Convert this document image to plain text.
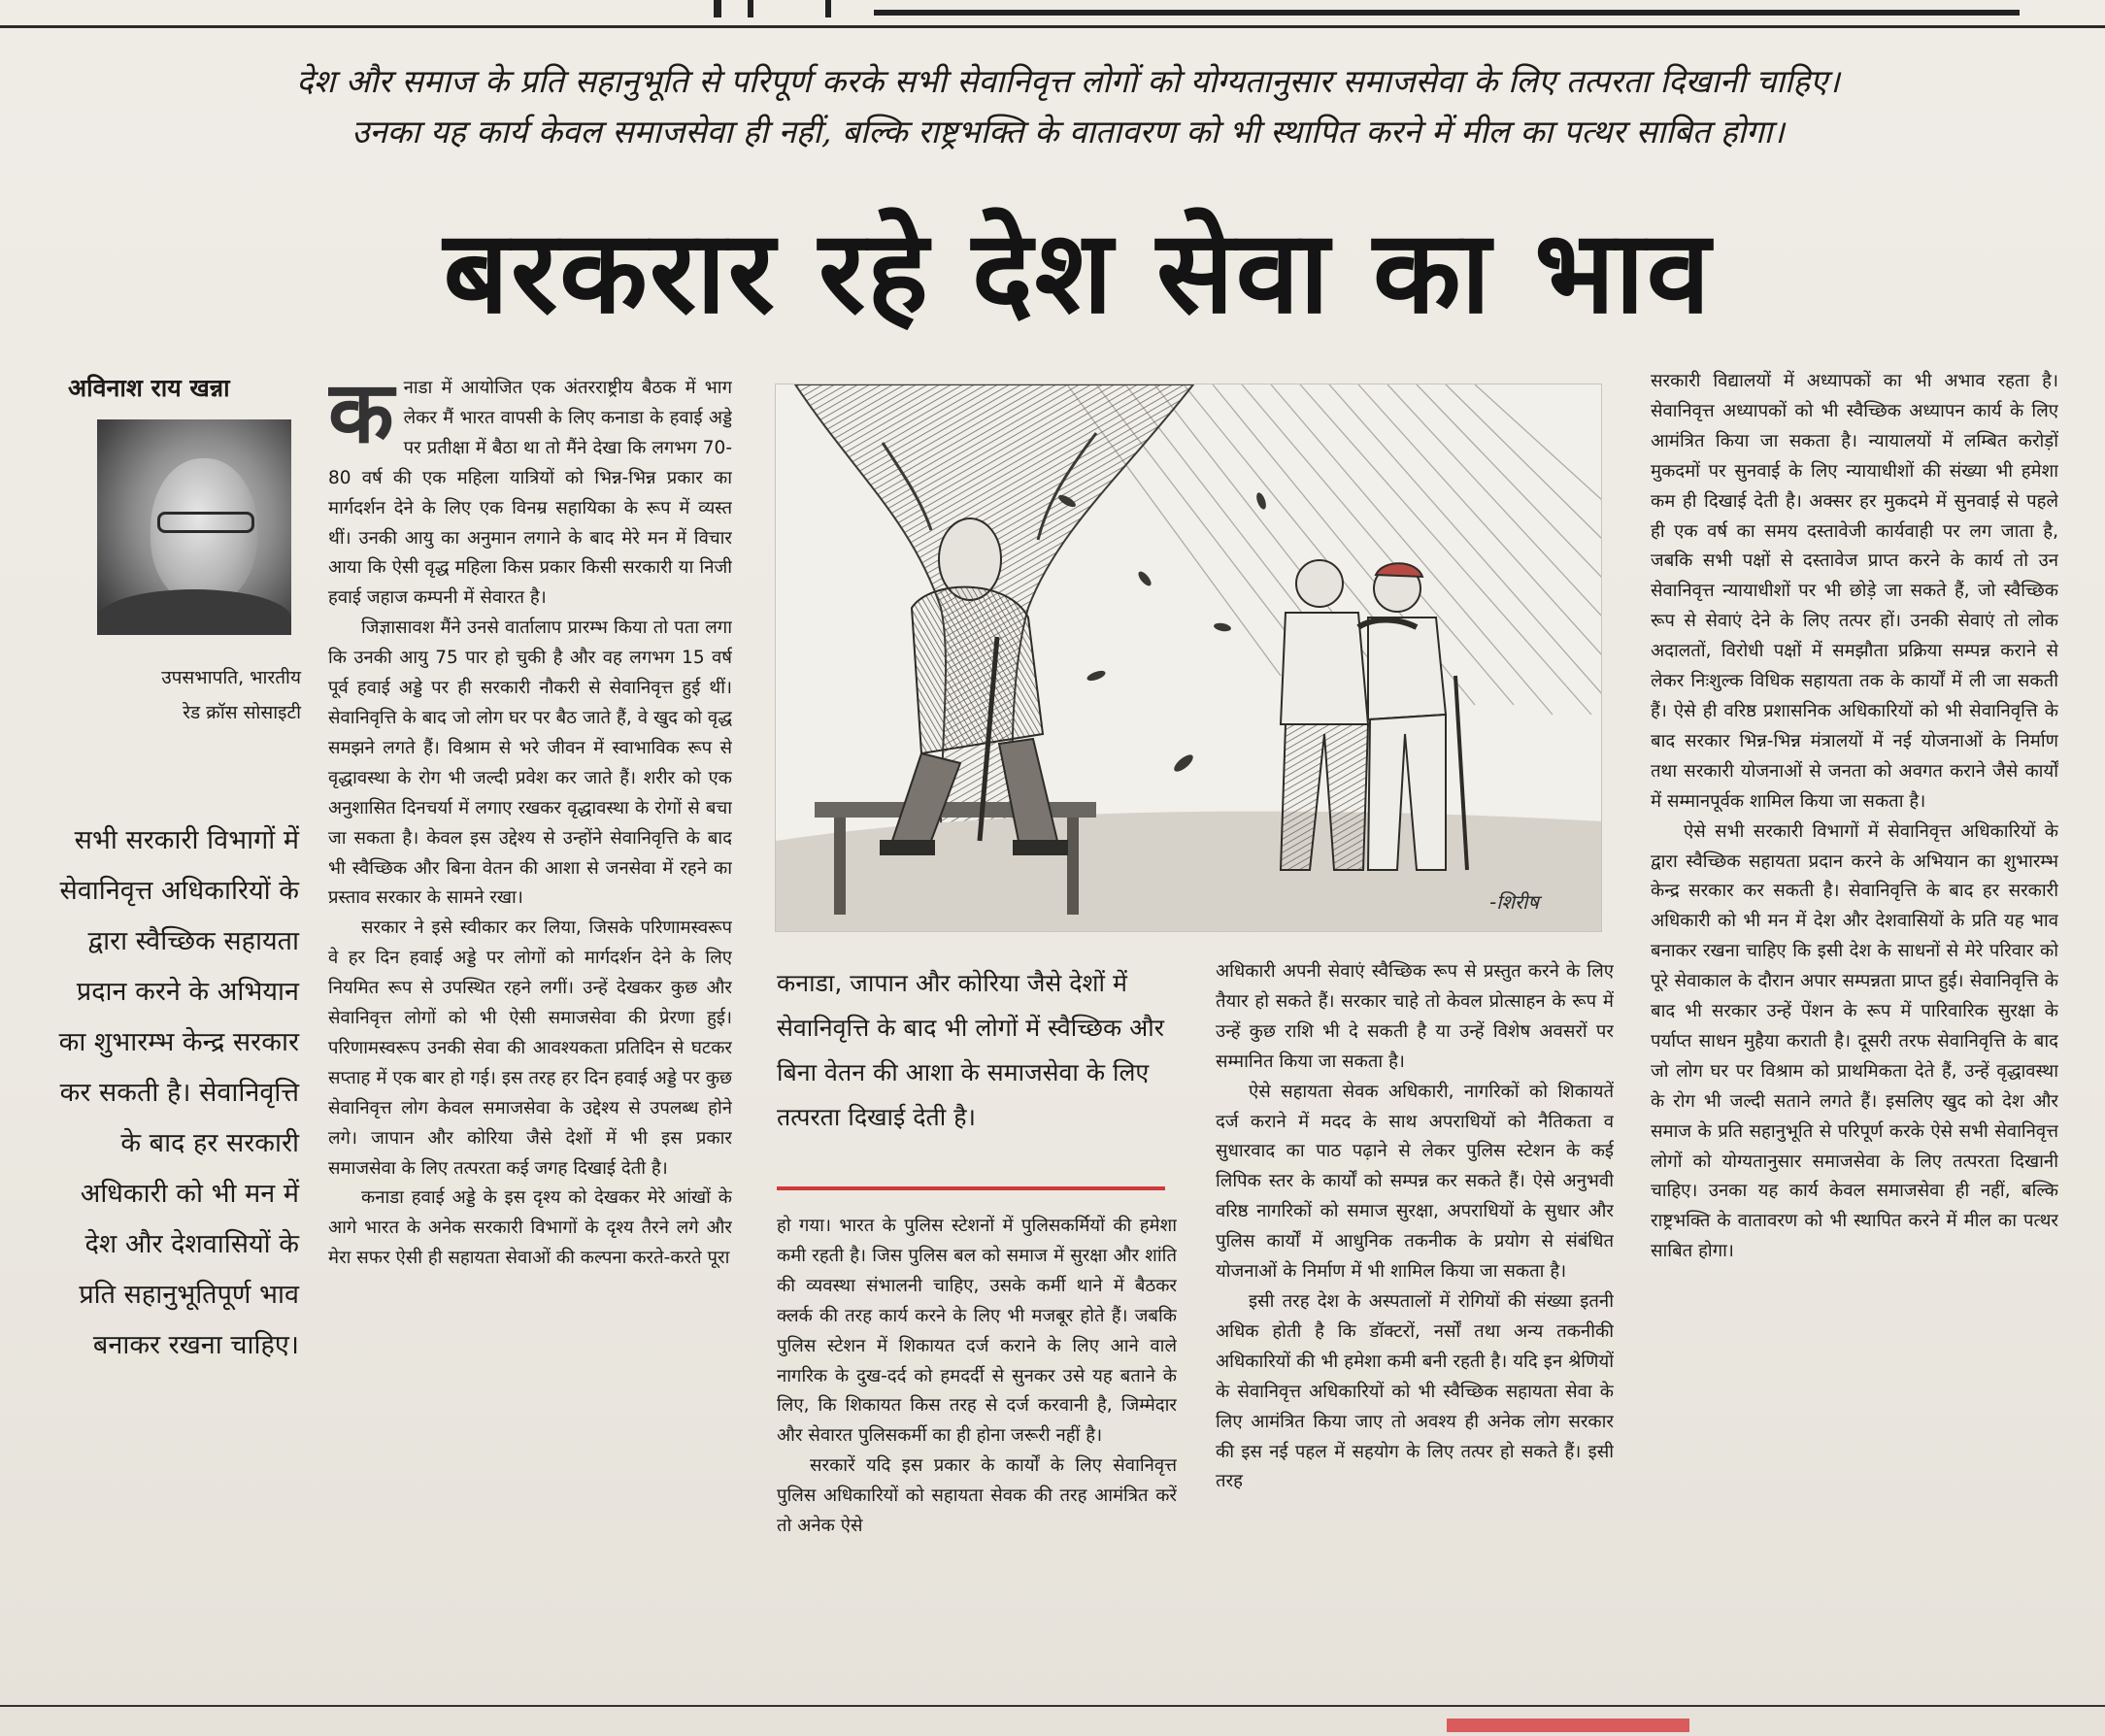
देश और समाज के प्रति सहानुभूति से परिपूर्ण करके सभी सेवानिवृत्त लोगों को योग्यतानुसार समाजसेवा के लिए तत्परता दिखानी चाहिए।
उनका यह कार्य केवल समाजसेवा ही नहीं, बल्कि राष्ट्रभक्ति के वातावरण को भी स्थापित करने में मील का पत्थर साबित होगा।
बरकरार रहे देश सेवा का भाव
अविनाश राय खन्ना
उपसभापति, भारतीय
रेड क्रॉस सोसाइटी
सभी सरकारी विभागों में सेवानिवृत्त अधिकारियों के द्वारा स्वैच्छिक सहायता प्रदान करने के अभियान का शुभारम्भ केन्द्र सरकार कर सकती है। सेवानिवृत्ति के बाद हर सरकारी अधिकारी को भी मन में देश और देशवासियों के प्रति सहानुभूतिपूर्ण भाव बनाकर रखना चाहिए।

कनाडा में आयोजित एक अंतरराष्ट्रीय बैठक में भाग लेकर मैं भारत वापसी के लिए कनाडा के हवाई अड्डे पर प्रतीक्षा में बैठा था तो मैंने देखा कि लगभग 70-80 वर्ष की एक महिला यात्रियों को भिन्न-भिन्न प्रकार का मार्गदर्शन देने के लिए एक विनम्र सहायिका के रूप में व्यस्त थीं। उनकी आयु का अनुमान लगाने के बाद मेरे मन में विचार आया कि ऐसी वृद्ध महिला किस प्रकार किसी सरकारी या निजी हवाई जहाज कम्पनी में सेवारत है।

जिज्ञासावश मैंने उनसे वार्तालाप प्रारम्भ किया तो पता लगा कि उनकी आयु 75 पार हो चुकी है और वह लगभग 15 वर्ष पूर्व हवाई अड्डे पर ही सरकारी नौकरी से सेवानिवृत्त हुई थीं। सेवानिवृत्ति के बाद जो लोग घर पर बैठ जाते हैं, वे खुद को वृद्ध समझने लगते हैं। विश्राम से भरे जीवन में स्वाभाविक रूप से वृद्धावस्था के रोग भी जल्दी प्रवेश कर जाते हैं। शरीर को एक अनुशासित दिनचर्या में लगाए रखकर वृद्धावस्था के रोगों से बचा जा सकता है। केवल इस उद्देश्य से उन्होंने सेवानिवृत्ति के बाद भी स्वैच्छिक और बिना वेतन की आशा से जनसेवा में रहने का प्रस्ताव सरकार के सामने रखा।

सरकार ने इसे स्वीकार कर लिया, जिसके परिणामस्वरूप वे हर दिन हवाई अड्डे पर लोगों को मार्गदर्शन देने के लिए नियमित रूप से उपस्थित रहने लगीं। उन्हें देखकर कुछ और सेवानिवृत्त लोगों को भी ऐसी समाजसेवा की प्रेरणा हुई। परिणामस्वरूप उनकी सेवा की आवश्यकता प्रतिदिन से घटकर सप्ताह में एक बार हो गई। इस तरह हर दिन हवाई अड्डे पर कुछ सेवानिवृत्त लोग केवल समाजसेवा के उद्देश्य से उपलब्ध होने लगे। जापान और कोरिया जैसे देशों में भी इस प्रकार समाजसेवा के लिए तत्परता कई जगह दिखाई देती है।

कनाडा हवाई अड्डे के इस दृश्य को देखकर मेरे आंखों के आगे भारत के अनेक सरकारी विभागों के दृश्य तैरने लगे और मेरा सफर ऐसी ही सहायता सेवाओं की कल्पना करते-करते पूरा

-शिरीष
कनाडा, जापान और कोरिया जैसे देशों में सेवानिवृत्ति के बाद भी लोगों में स्वैच्छिक और बिना वेतन की आशा के समाजसेवा के लिए तत्परता दिखाई देती है।

हो गया। भारत के पुलिस स्टेशनों में पुलिसकर्मियों की हमेशा कमी रहती है। जिस पुलिस बल को समाज में सुरक्षा और शांति की व्यवस्था संभालनी चाहिए, उसके कर्मी थाने में बैठकर क्लर्क की तरह कार्य करने के लिए भी मजबूर होते हैं। जबकि पुलिस स्टेशन में शिकायत दर्ज कराने के लिए आने वाले नागरिक के दुख-दर्द को हमदर्दी से सुनकर उसे यह बताने के लिए, कि शिकायत किस तरह से दर्ज करवानी है, जिम्मेदार और सेवारत पुलिसकर्मी का ही होना जरूरी नहीं है।

सरकारें यदि इस प्रकार के कार्यों के लिए सेवानिवृत्त पुलिस अधिकारियों को सहायता सेवक की तरह आमंत्रित करें तो अनेक ऐसे

अधिकारी अपनी सेवाएं स्वैच्छिक रूप से प्रस्तुत करने के लिए तैयार हो सकते हैं। सरकार चाहे तो केवल प्रोत्साहन के रूप में उन्हें कुछ राशि भी दे सकती है या उन्हें विशेष अवसरों पर सम्मानित किया जा सकता है।

ऐसे सहायता सेवक अधिकारी, नागरिकों को शिकायतें दर्ज कराने में मदद के साथ अपराधियों को नैतिकता व सुधारवाद का पाठ पढ़ाने से लेकर पुलिस स्टेशन के कई लिपिक स्तर के कार्यों को सम्पन्न कर सकते हैं। ऐसे अनुभवी वरिष्ठ नागरिकों को समाज सुरक्षा, अपराधियों के सुधार और पुलिस कार्यों में आधुनिक तकनीक के प्रयोग से संबंधित योजनाओं के निर्माण में भी शामिल किया जा सकता है।

इसी तरह देश के अस्पतालों में रोगियों की संख्या इतनी अधिक होती है कि डॉक्टरों, नर्सों तथा अन्य तकनीकी अधिकारियों की भी हमेशा कमी बनी रहती है। यदि इन श्रेणियों के सेवानिवृत्त अधिकारियों को भी स्वैच्छिक सहायता सेवा के लिए आमंत्रित किया जाए तो अवश्य ही अनेक लोग सरकार की इस नई पहल में सहयोग के लिए तत्पर हो सकते हैं। इसी तरह

सरकारी विद्यालयों में अध्यापकों का भी अभाव रहता है। सेवानिवृत्त अध्यापकों को भी स्वैच्छिक अध्यापन कार्य के लिए आमंत्रित किया जा सकता है। न्यायालयों में लम्बित करोड़ों मुकदमों पर सुनवाई के लिए न्यायाधीशों की संख्या भी हमेशा कम ही दिखाई देती है। अक्सर हर मुकदमे में सुनवाई से पहले ही एक वर्ष का समय दस्तावेजी कार्यवाही पर लग जाता है, जबकि सभी पक्षों से दस्तावेज प्राप्त करने के कार्य तो उन सेवानिवृत्त न्यायाधीशों पर भी छोड़े जा सकते हैं, जो स्वैच्छिक रूप से सेवाएं देने के लिए तत्पर हों। उनकी सेवाएं तो लोक अदालतों, विरोधी पक्षों में समझौता प्रक्रिया सम्पन्न कराने से लेकर निःशुल्क विधिक सहायता तक के कार्यों में ली जा सकती हैं। ऐसे ही वरिष्ठ प्रशासनिक अधिकारियों को भी सेवानिवृत्ति के बाद सरकार भिन्न-भिन्न मंत्रालयों में नई योजनाओं के निर्माण तथा सरकारी योजनाओं से जनता को अवगत कराने जैसे कार्यों में सम्मानपूर्वक शामिल किया जा सकता है।

ऐसे सभी सरकारी विभागों में सेवानिवृत्त अधिकारियों के द्वारा स्वैच्छिक सहायता प्रदान करने के अभियान का शुभारम्भ केन्द्र सरकार कर सकती है। सेवानिवृत्ति के बाद हर सरकारी अधिकारी को भी मन में देश और देशवासियों के प्रति यह भाव बनाकर रखना चाहिए कि इसी देश के साधनों से मेरे परिवार को पूरे सेवाकाल के दौरान अपार सम्पन्नता प्राप्त हुई। सेवानिवृत्ति के बाद भी सरकार उन्हें पेंशन के रूप में पारिवारिक सुरक्षा के पर्याप्त साधन मुहैया कराती है। दूसरी तरफ सेवानिवृत्ति के बाद जो लोग घर पर विश्राम को प्राथमिकता देते हैं, उन्हें वृद्धावस्था के रोग भी जल्दी सताने लगते हैं। इसलिए खुद को देश और समाज के प्रति सहानुभूति से परिपूर्ण करके ऐसे सभी सेवानिवृत्त लोगों को योग्यतानुसार समाजसेवा के लिए तत्परता दिखानी चाहिए। उनका यह कार्य केवल समाजसेवा ही नहीं, बल्कि राष्ट्रभक्ति के वातावरण को भी स्थापित करने में मील का पत्थर साबित होगा।
